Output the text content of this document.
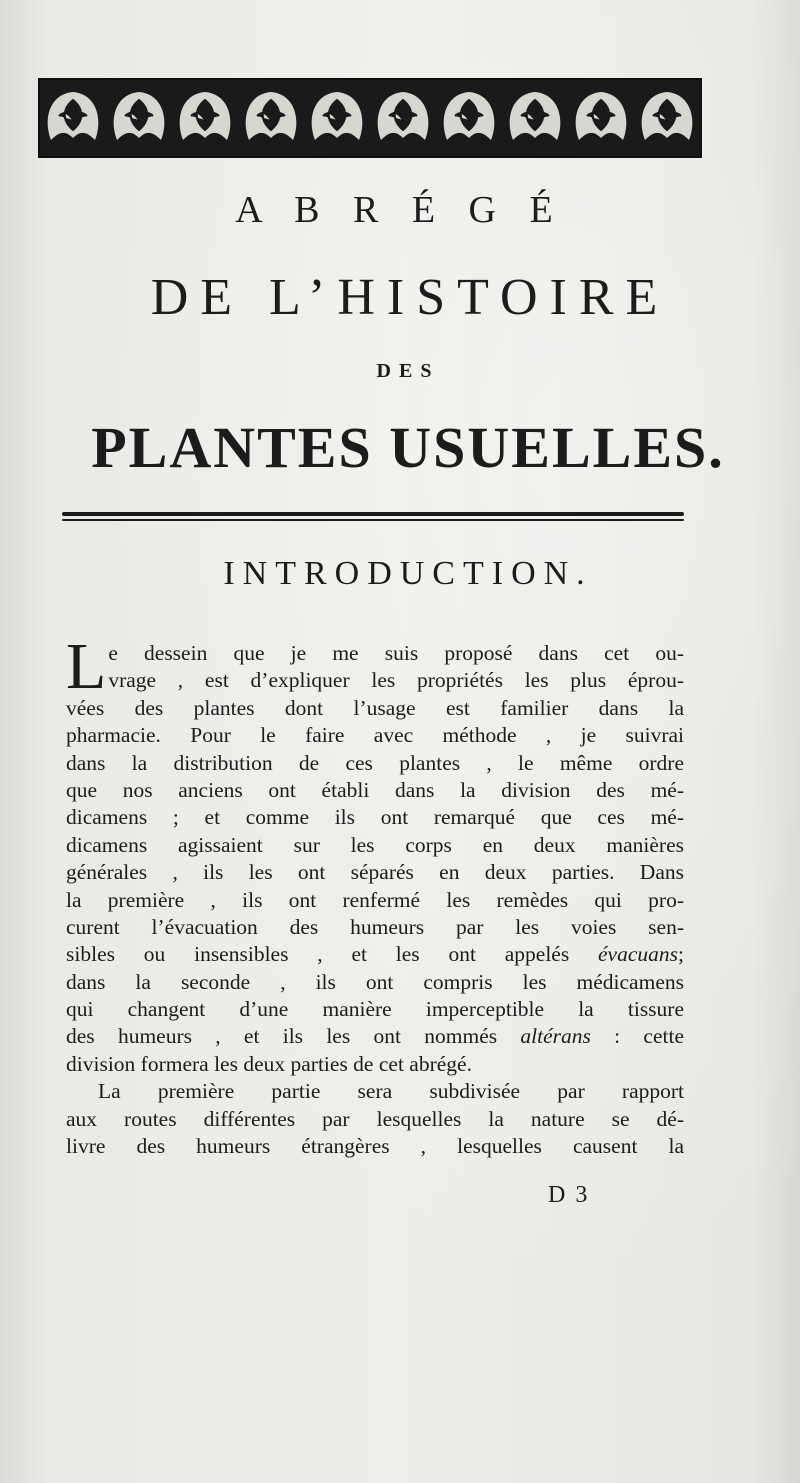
A B R É G É
DE L’HISTOIRE
DES
PLANTES USUELLES.
INTRODUCTION.
L e dessein que je me suis proposé dans cet ou-
vrage , est d’expliquer les propriétés les plus éprou-
vées des plantes dont l’usage est familier dans la
pharmacie. Pour le faire avec méthode , je suivrai
dans la distribution de ces plantes , le même ordre
que nos anciens ont établi dans la division des mé-
dicamens ; et comme ils ont remarqué que ces mé-
dicamens agissaient sur les corps en deux manières
générales , ils les ont séparés en deux parties. Dans
la première , ils ont renfermé les remèdes qui pro-
curent l’évacuation des humeurs par les voies sen-
sibles ou insensibles , et les ont appelés évacuans;
dans la seconde , ils ont compris les médicamens
qui changent d’une manière imperceptible la tissure
des humeurs , et ils les ont nommés altérans : cette
division formera les deux parties de cet abrégé.
La première partie sera subdivisée par rapport
aux routes différentes par lesquelles la nature se dé-
livre des humeurs étrangères , lesquelles causent la
D 3
